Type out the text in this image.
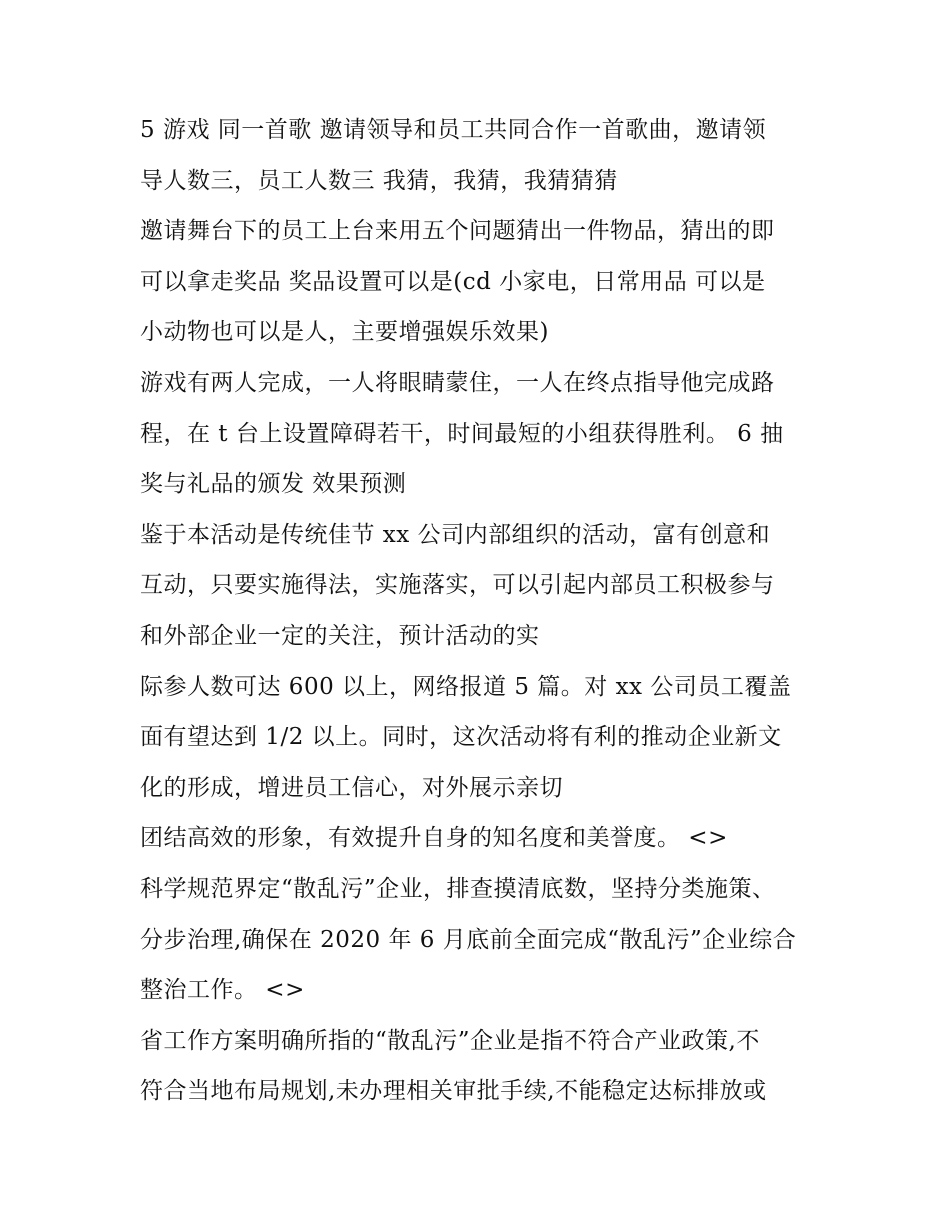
5 游戏 同一首歌 邀请领导和员工共同合作一首歌曲，邀请领
导人数三，员工人数三 我猜，我猜，我猜猜猜
邀请舞台下的员工上台来用五个问题猜出一件物品，猜出的即
可以拿走奖品 奖品设置可以是(cd 小家电，日常用品 可以是
小动物也可以是人，主要增强娱乐效果)
游戏有两人完成，一人将眼睛蒙住，一人在终点指导他完成路
程，在 t 台上设置障碍若干，时间最短的小组获得胜利。 6 抽
奖与礼品的颁发 效果预测
鉴于本活动是传统佳节 xx 公司内部组织的活动，富有创意和
互动，只要实施得法，实施落实，可以引起内部员工积极参与
和外部企业一定的关注，预计活动的实
际参人数可达 600 以上，网络报道 5 篇。对 xx 公司员工覆盖
面有望达到 1/2 以上。同时，这次活动将有利的推动企业新文
化的形成，增进员工信心，对外展示亲切
团结高效的形象，有效提升自身的知名度和美誉度。 <>
科学规范界定“散乱污”企业，排查摸清底数，坚持分类施策、
分步治理,确保在 2020 年 6 月底前全面完成“散乱污”企业综合
整治工作。 <>
省工作方案明确所指的“散乱污”企业是指不符合产业政策,不
符合当地布局规划,未办理相关审批手续,不能稳定达标排放或
